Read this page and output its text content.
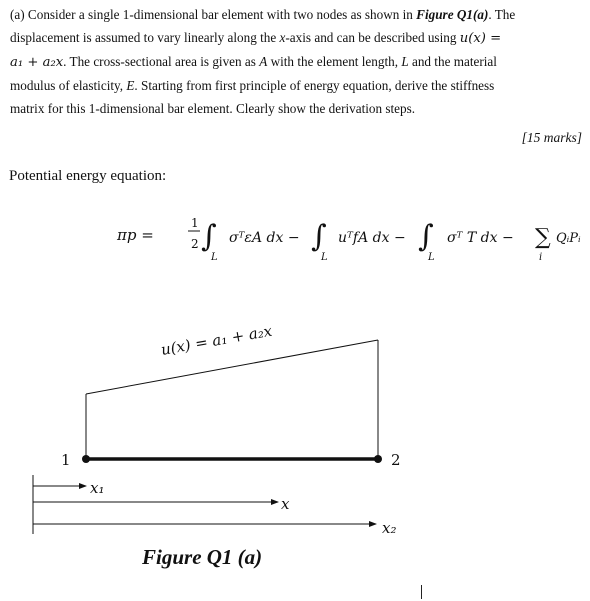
(a) Consider a single 1-dimensional bar element with two nodes as shown in Figure Q1(a). The
displacement is assumed to vary linearly along the x-axis and can be described using u(x) =
a₁ + a₂x. The cross-sectional area is given as A with the element length, L and the material
modulus of elasticity, E. Starting from first principle of energy equation, derive the stiffness
matrix for this 1-dimensional bar element. Clearly show the derivation steps.

[15 marks]
Potential energy equation:
πp =
1
2 ∫
L
σᵀεA dx − ∫
L
uᵀfA dx − ∫
L
σᵀ T dx − ∑
i
QᵢPᵢ
u(x) = a₁ + a₂x
1	2
x₁
x
x₂
Figure Q1 (a)
